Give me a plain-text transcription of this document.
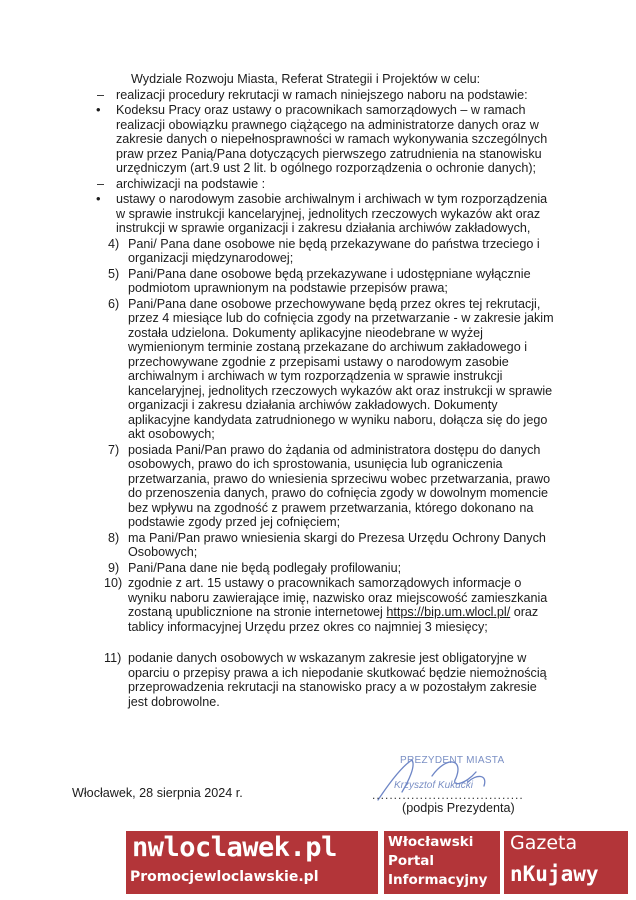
Wydziale Rozwoju Miasta, Referat Strategii i Projektów w celu:
– realizacji procedury rekrutacji w ramach niniejszego naboru na podstawie:
•	Kodeksu Pracy oraz ustawy o pracownikach samorządowych – w ramach realizacji obowiązku prawnego ciążącego na administratorze danych oraz w zakresie danych o niepełnosprawności w ramach wykonywania szczególnych praw przez Panią/Pana dotyczących pierwszego zatrudnienia na stanowisku urzędniczym (art.9 ust 2 lit. b ogólnego rozporządzenia o ochronie danych);
– archiwizacji na podstawie :
•	ustawy o narodowym zasobie archiwalnym i archiwach w tym rozporządzenia w sprawie instrukcji kancelaryjnej, jednolitych rzeczowych wykazów akt oraz instrukcji w sprawie organizacji i zakresu działania archiwów zakładowych,
4) Pani/ Pana dane osobowe nie będą przekazywane do państwa trzeciego i organizacji międzynarodowej;
5) Pani/Pana dane osobowe będą przekazywane i udostępniane wyłącznie podmiotom uprawnionym na podstawie przepisów prawa;
6) Pani/Pana dane osobowe przechowywane będą przez okres tej rekrutacji, przez 4 miesiące lub do cofnięcia zgody na przetwarzanie - w zakresie jakim została udzielona. Dokumenty aplikacyjne nieodebrane w wyżej wymienionym terminie zostaną przekazane do archiwum zakładowego i przechowywane zgodnie z przepisami ustawy o narodowym zasobie archiwalnym i archiwach w tym rozporządzenia w sprawie instrukcji kancelaryjnej, jednolitych rzeczowych wykazów akt oraz instrukcji w sprawie organizacji i zakresu działania archiwów zakładowych. Dokumenty aplikacyjne kandydata zatrudnionego w wyniku naboru, dołącza się do jego akt osobowych;
7) posiada Pani/Pan prawo do żądania od administratora dostępu do danych osobowych, prawo do ich sprostowania, usunięcia lub ograniczenia przetwarzania, prawo do wniesienia sprzeciwu wobec przetwarzania, prawo do przenoszenia danych, prawo do cofnięcia zgody w dowolnym momencie bez wpływu na zgodność z prawem przetwarzania, którego dokonano na podstawie zgody przed jej cofnięciem;
8) ma Pani/Pan prawo wniesienia skargi do Prezesa Urzędu Ochrony Danych Osobowych;
9) Pani/Pana dane nie będą podlegały profilowaniu;
10) zgodnie z art. 15 ustawy o pracownikach samorządowych informacje o wyniku naboru zawierające imię, nazwisko oraz miejscowość zamieszkania zostaną upublicznione na stronie internetowej https://bip.um.wlocl.pl/ oraz tablicy informacyjnej Urzędu przez okres co najmniej 3 miesięcy;
11) podanie danych osobowych w wskazanym zakresie jest obligatoryjne w oparciu o przepisy prawa a ich niepodanie skutkować będzie niemożnością przeprowadzenia rekrutacji na stanowisko pracy a w pozostałym zakresie jest dobrowolne.
Włocławek, 28 sierpnia 2024 r.
PREZYDENT MIASTA
Krzysztof Kukucki
...................................
(podpis Prezydenta)
nwloclawek.pl
Promocjewloclawskie.pl
Włocławski
Portal
Informacyjny
Gazeta
nKujawy
